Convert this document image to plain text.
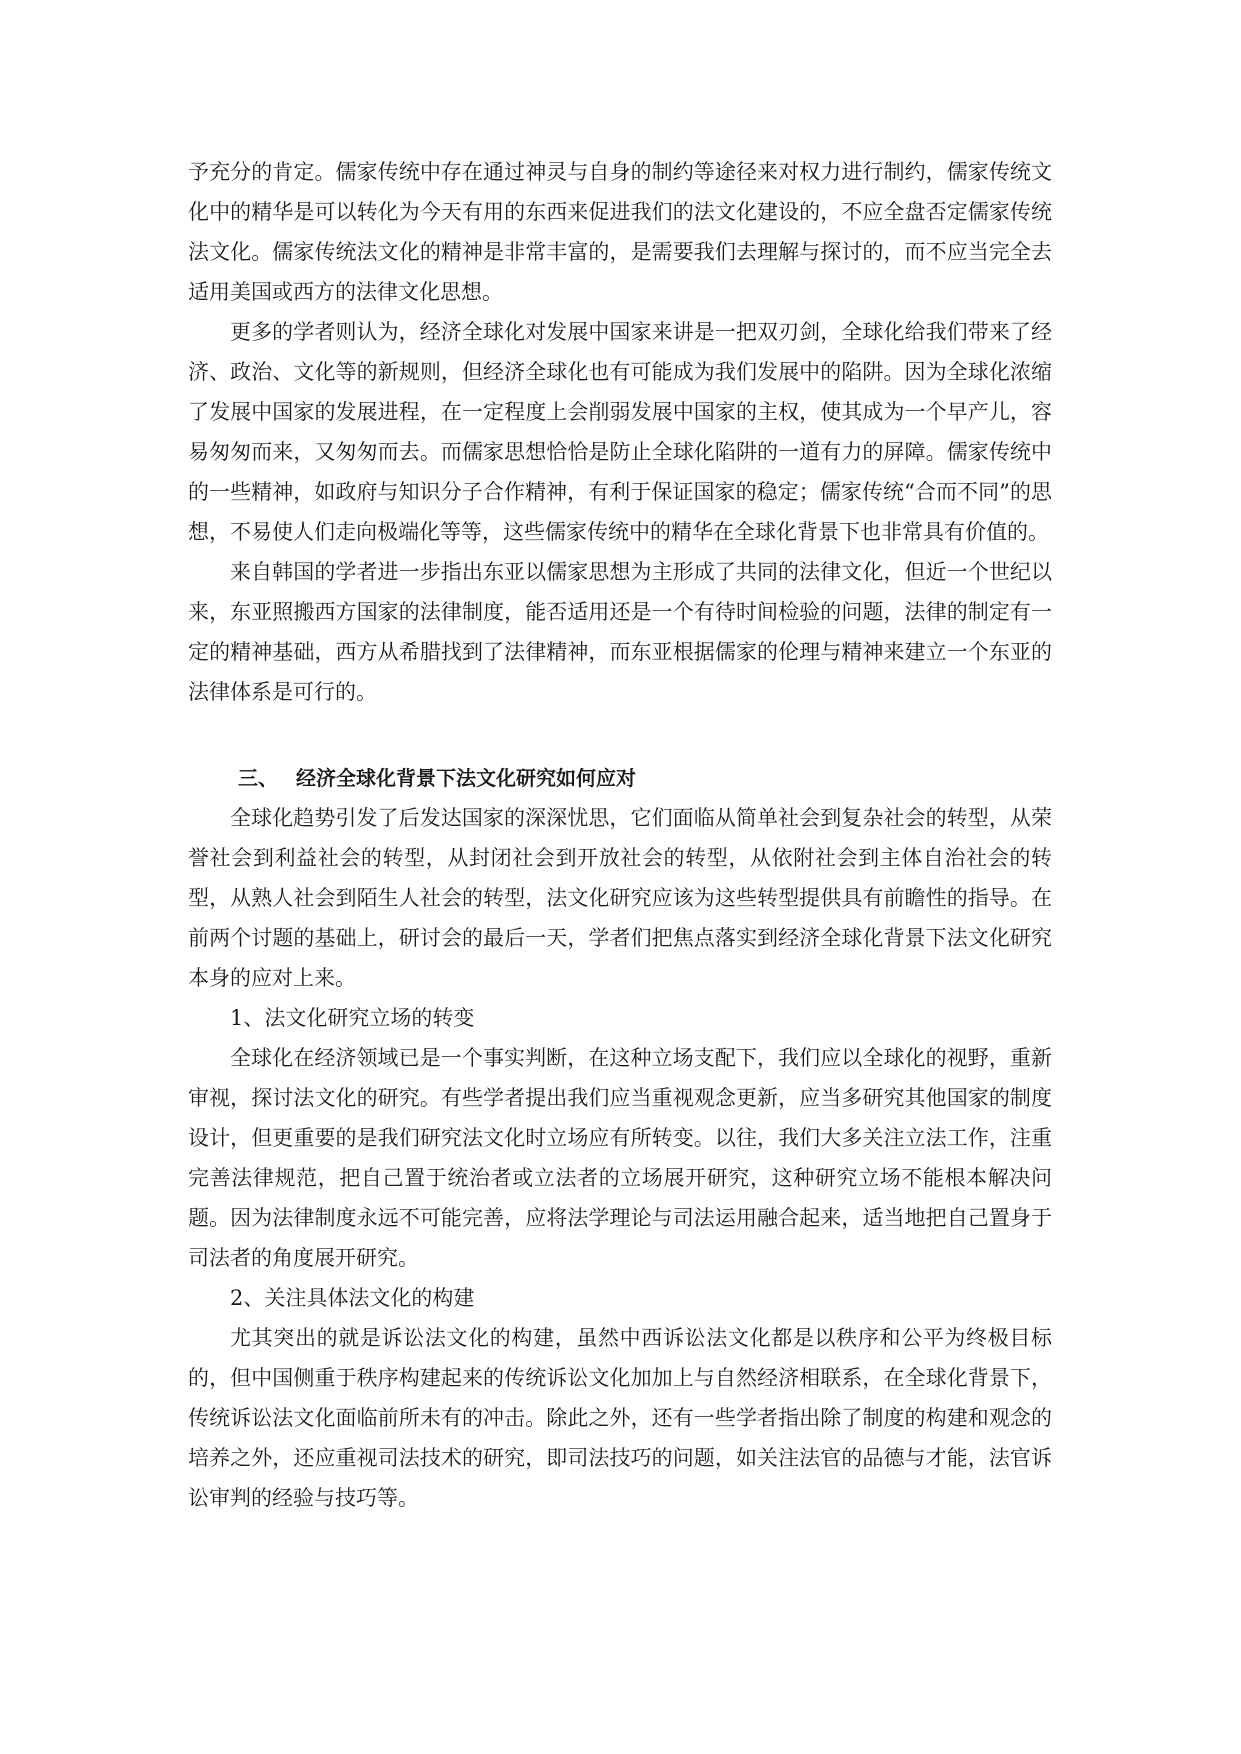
予充分的肯定。儒家传统中存在通过神灵与自身的制约等途径来对权力进行制约，儒家传统文化中的精华是可以转化为今天有用的东西来促进我们的法文化建设的，不应全盘否定儒家传统法文化。儒家传统法文化的精神是非常丰富的，是需要我们去理解与探讨的，而不应当完全去适用美国或西方的法律文化思想。

更多的学者则认为，经济全球化对发展中国家来讲是一把双刃剑，全球化给我们带来了经济、政治、文化等的新规则，但经济全球化也有可能成为我们发展中的陷阱。因为全球化浓缩了发展中国家的发展进程，在一定程度上会削弱发展中国家的主权，使其成为一个早产儿，容易匆匆而来，又匆匆而去。而儒家思想恰恰是防止全球化陷阱的一道有力的屏障。儒家传统中的一些精神，如政府与知识分子合作精神，有利于保证国家的稳定；儒家传统“合而不同”的思想，不易使人们走向极端化等等，这些儒家传统中的精华在全球化背景下也非常具有价值的。

来自韩国的学者进一步指出东亚以儒家思想为主形成了共同的法律文化，但近一个世纪以来，东亚照搬西方国家的法律制度，能否适用还是一个有待时间检验的问题，法律的制定有一定的精神基础，西方从希腊找到了法律精神，而东亚根据儒家的伦理与精神来建立一个东亚的法律体系是可行的。

三、 经济全球化背景下法文化研究如何应对

全球化趋势引发了后发达国家的深深忧思，它们面临从简单社会到复杂社会的转型，从荣誉社会到利益社会的转型，从封闭社会到开放社会的转型，从依附社会到主体自治社会的转型，从熟人社会到陌生人社会的转型，法文化研究应该为这些转型提供具有前瞻性的指导。在前两个讨题的基础上，研讨会的最后一天，学者们把焦点落实到经济全球化背景下法文化研究本身的应对上来。

1、法文化研究立场的转变

全球化在经济领域已是一个事实判断，在这种立场支配下，我们应以全球化的视野，重新审视，探讨法文化的研究。有些学者提出我们应当重视观念更新，应当多研究其他国家的制度设计，但更重要的是我们研究法文化时立场应有所转变。以往，我们大多关注立法工作，注重完善法律规范，把自己置于统治者或立法者的立场展开研究，这种研究立场不能根本解决问题。因为法律制度永远不可能完善，应将法学理论与司法运用融合起来，适当地把自己置身于司法者的角度展开研究。

2、关注具体法文化的构建

尤其突出的就是诉讼法文化的构建，虽然中西诉讼法文化都是以秩序和公平为终极目标的，但中国侧重于秩序构建起来的传统诉讼文化加加上与自然经济相联系，在全球化背景下，传统诉讼法文化面临前所未有的冲击。除此之外，还有一些学者指出除了制度的构建和观念的培养之外，还应重视司法技术的研究，即司法技巧的问题，如关注法官的品德与才能，法官诉讼审判的经验与技巧等。
